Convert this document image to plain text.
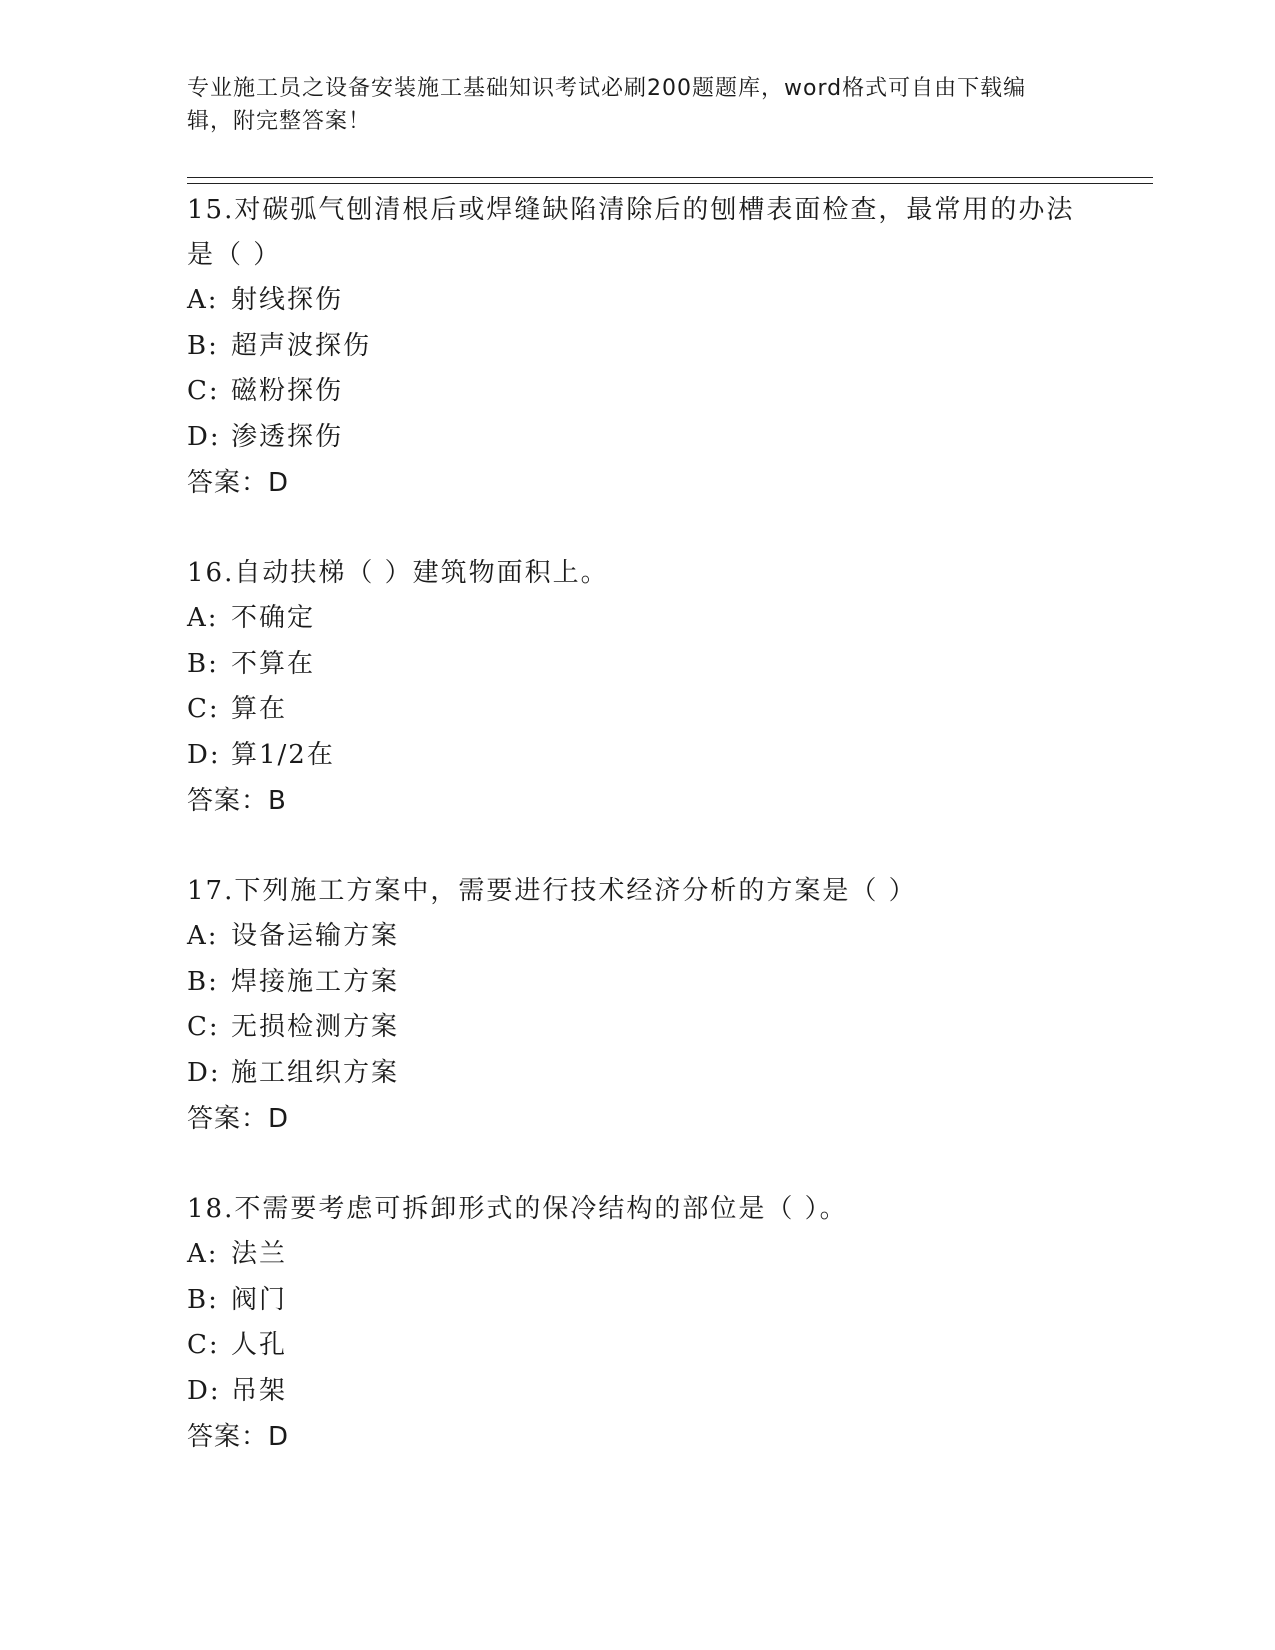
专业施工员之设备安装施工基础知识考试必刷200题题库，word格式可自由下载编辑，附完整答案！

15.对碳弧气刨清根后或焊缝缺陷清除后的刨槽表面检查，最常用的办法是（ ）

A: 射线探伤
B: 超声波探伤
C: 磁粉探伤
D: 渗透探伤

答案：D

16.自动扶梯（ ）建筑物面积上。

A: 不确定
B: 不算在
C: 算在
D: 算1/2在

答案：B

17.下列施工方案中，需要进行技术经济分析的方案是（ ）

A: 设备运输方案
B: 焊接施工方案
C: 无损检测方案
D: 施工组织方案

答案：D

18.不需要考虑可拆卸形式的保冷结构的部位是（ ）。

A: 法兰
B: 阀门
C: 人孔
D: 吊架

答案：D
